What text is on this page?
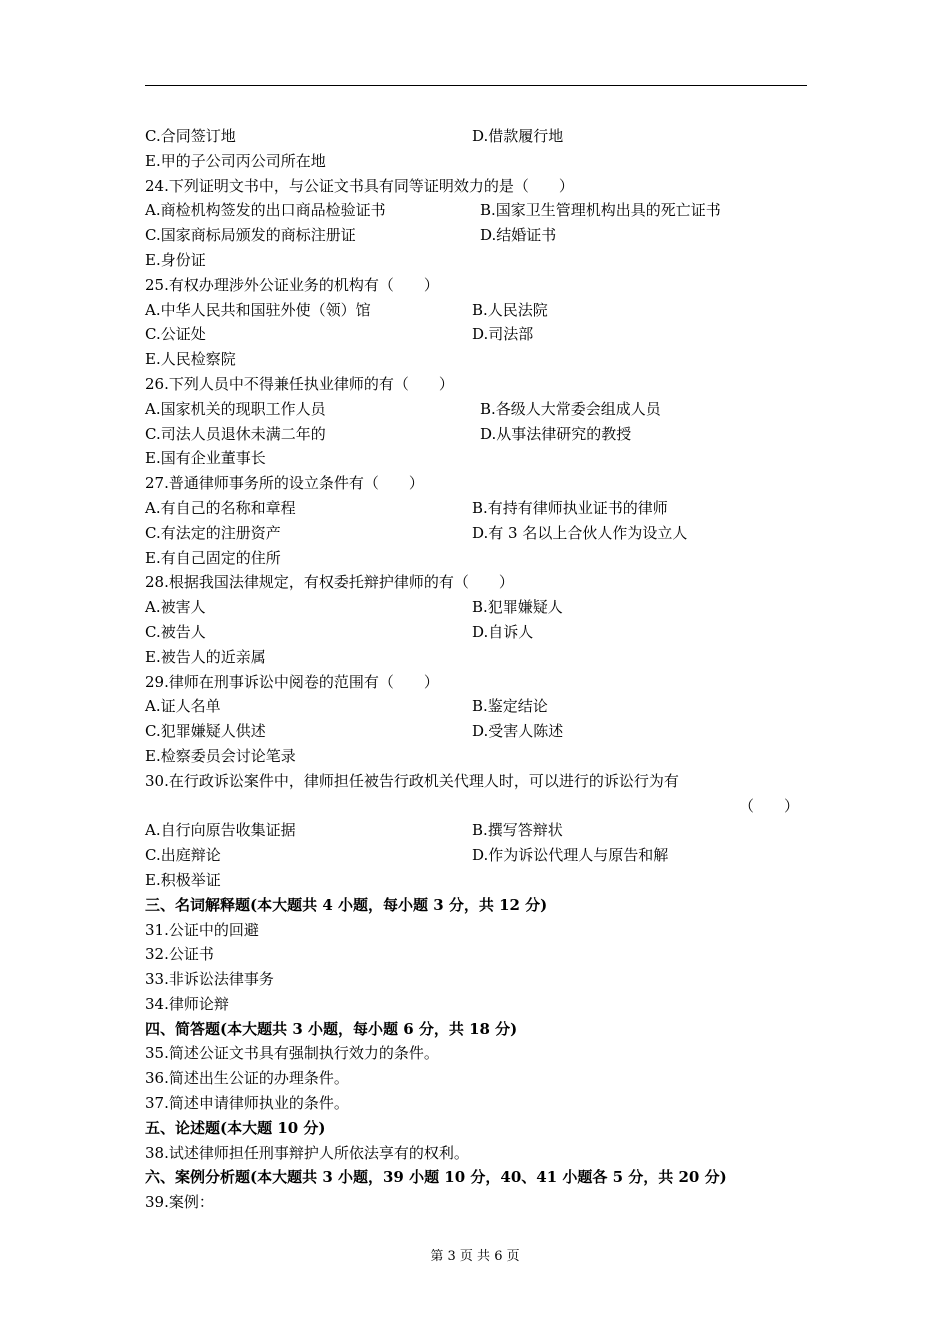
C.合同签订地	D.借款履行地
E.甲的子公司丙公司所在地
24.下列证明文书中，与公证文书具有同等证明效力的是（　　）
A.商检机构签发的出口商品检验证书	B.国家卫生管理机构出具的死亡证书
C.国家商标局颁发的商标注册证	D.结婚证书
E.身份证
25.有权办理涉外公证业务的机构有（　　）
A.中华人民共和国驻外使（领）馆	B.人民法院
C.公证处	D.司法部
E.人民检察院
26.下列人员中不得兼任执业律师的有（　　）
A.国家机关的现职工作人员	B.各级人大常委会组成人员
C.司法人员退休未满二年的	D.从事法律研究的教授
E.国有企业董事长
27.普通律师事务所的设立条件有（　　）
A.有自己的名称和章程	B.有持有律师执业证书的律师
C.有法定的注册资产	D.有 3 名以上合伙人作为设立人
E.有自己固定的住所
28.根据我国法律规定，有权委托辩护律师的有（　　）
A.被害人	B.犯罪嫌疑人
C.被告人	D.自诉人
E.被告人的近亲属
29.律师在刑事诉讼中阅卷的范围有（　　）
A.证人名单	B.鉴定结论
C.犯罪嫌疑人供述	D.受害人陈述
E.检察委员会讨论笔录
30.在行政诉讼案件中，律师担任被告行政机关代理人时，可以进行的诉讼行为有
（　　）
A.自行向原告收集证据	B.撰写答辩状
C.出庭辩论	D.作为诉讼代理人与原告和解
E.积极举证
三、名词解释题(本大题共 4 小题，每小题 3 分，共 12 分)
31.公证中的回避
32.公证书
33.非诉讼法律事务
34.律师论辩
四、简答题(本大题共 3 小题，每小题 6 分，共 18 分)
35.简述公证文书具有强制执行效力的条件。
36.简述出生公证的办理条件。
37.简述申请律师执业的条件。
五、论述题(本大题 10 分)
38.试述律师担任刑事辩护人所依法享有的权利。
六、案例分析题(本大题共 3 小题，39 小题 10 分，40、41 小题各 5 分，共 20 分)
39.案例：
第 3 页 共 6 页
